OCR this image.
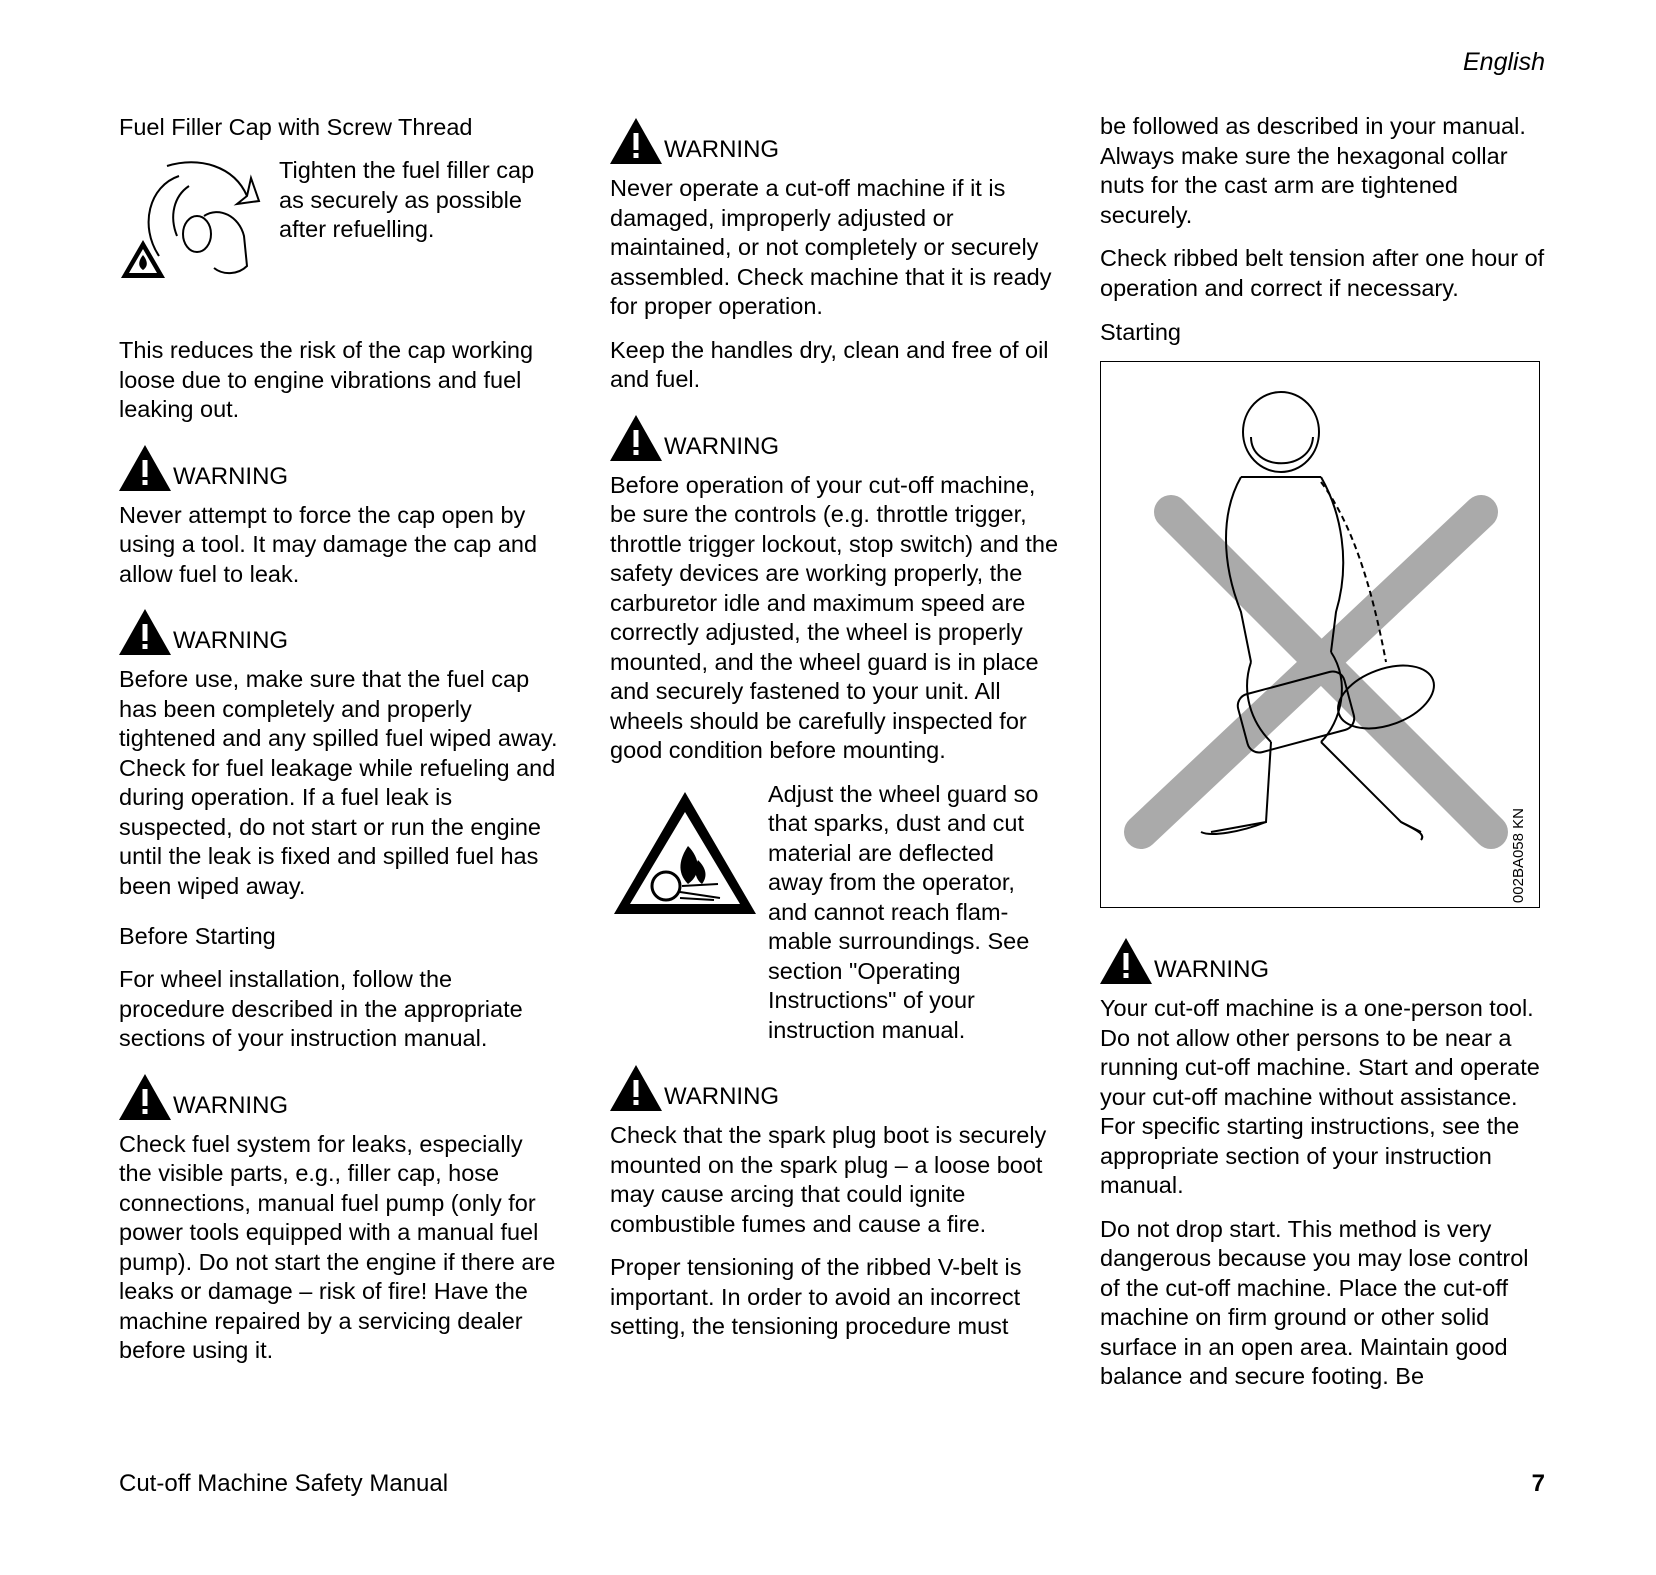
English
Fuel Filler Cap with Screw Thread

Tighten the fuel filler cap as securely as possible after refuelling.

This reduces the risk of the cap working loose due to engine vibrations and fuel leaking out.

WARNING

Never attempt to force the cap open by using a tool. It may damage the cap and allow fuel to leak.

WARNING

Before use, make sure that the fuel cap has been completely and properly tightened and any spilled fuel wiped away. Check for fuel leakage while refueling and during operation. If a fuel leak is suspected, do not start or run the engine until the leak is fixed and spilled fuel has been wiped away.

Before Starting

For wheel installation, follow the procedure described in the appropriate sections of your instruction manual.

WARNING

Check fuel system for leaks, especially the visible parts, e.g., filler cap, hose connections, manual fuel pump (only for power tools equipped with a manual fuel pump). Do not start the engine if there are leaks or damage – risk of fire! Have the machine repaired by a servicing dealer before using it.

WARNING

Never operate a cut-off machine if it is damaged, improperly adjusted or maintained, or not completely or securely assembled. Check machine that it is ready for proper operation.

Keep the handles dry, clean and free of oil and fuel.

WARNING

Before operation of your cut-off machine, be sure the controls (e.g. throttle trigger, throttle trigger lockout, stop switch) and the safety devices are working properly, the carburetor idle and maximum speed are correctly adjusted, the wheel is properly mounted, and the wheel guard is in place and securely fastened to your unit. All wheels should be carefully inspected for good condition before mounting.

Adjust the wheel guard so that sparks, dust and cut material are deflected away from the operator, and cannot reach flam-mable surroundings. See section "Operating Instructions" of your instruction manual.

WARNING

Check that the spark plug boot is securely mounted on the spark plug – a loose boot may cause arcing that could ignite combustible fumes and cause a fire.

Proper tensioning of the ribbed V-belt is important. In order to avoid an incorrect setting, the tensioning procedure must

be followed as described in your manual. Always make sure the hexagonal collar nuts for the cast arm are tightened securely.

Check ribbed belt tension after one hour of operation and correct if necessary.

Starting
002BA058 KN
WARNING

Your cut-off machine is a one-person tool. Do not allow other persons to be near a running cut-off machine. Start and operate your cut-off machine without assistance. For specific starting instructions, see the appropriate section of your instruction manual.

Do not drop start. This method is very dangerous because you may lose control of the cut-off machine. Place the cut-off machine on firm ground or other solid surface in an open area. Maintain good balance and secure footing. Be

Cut-off Machine Safety Manual	7
